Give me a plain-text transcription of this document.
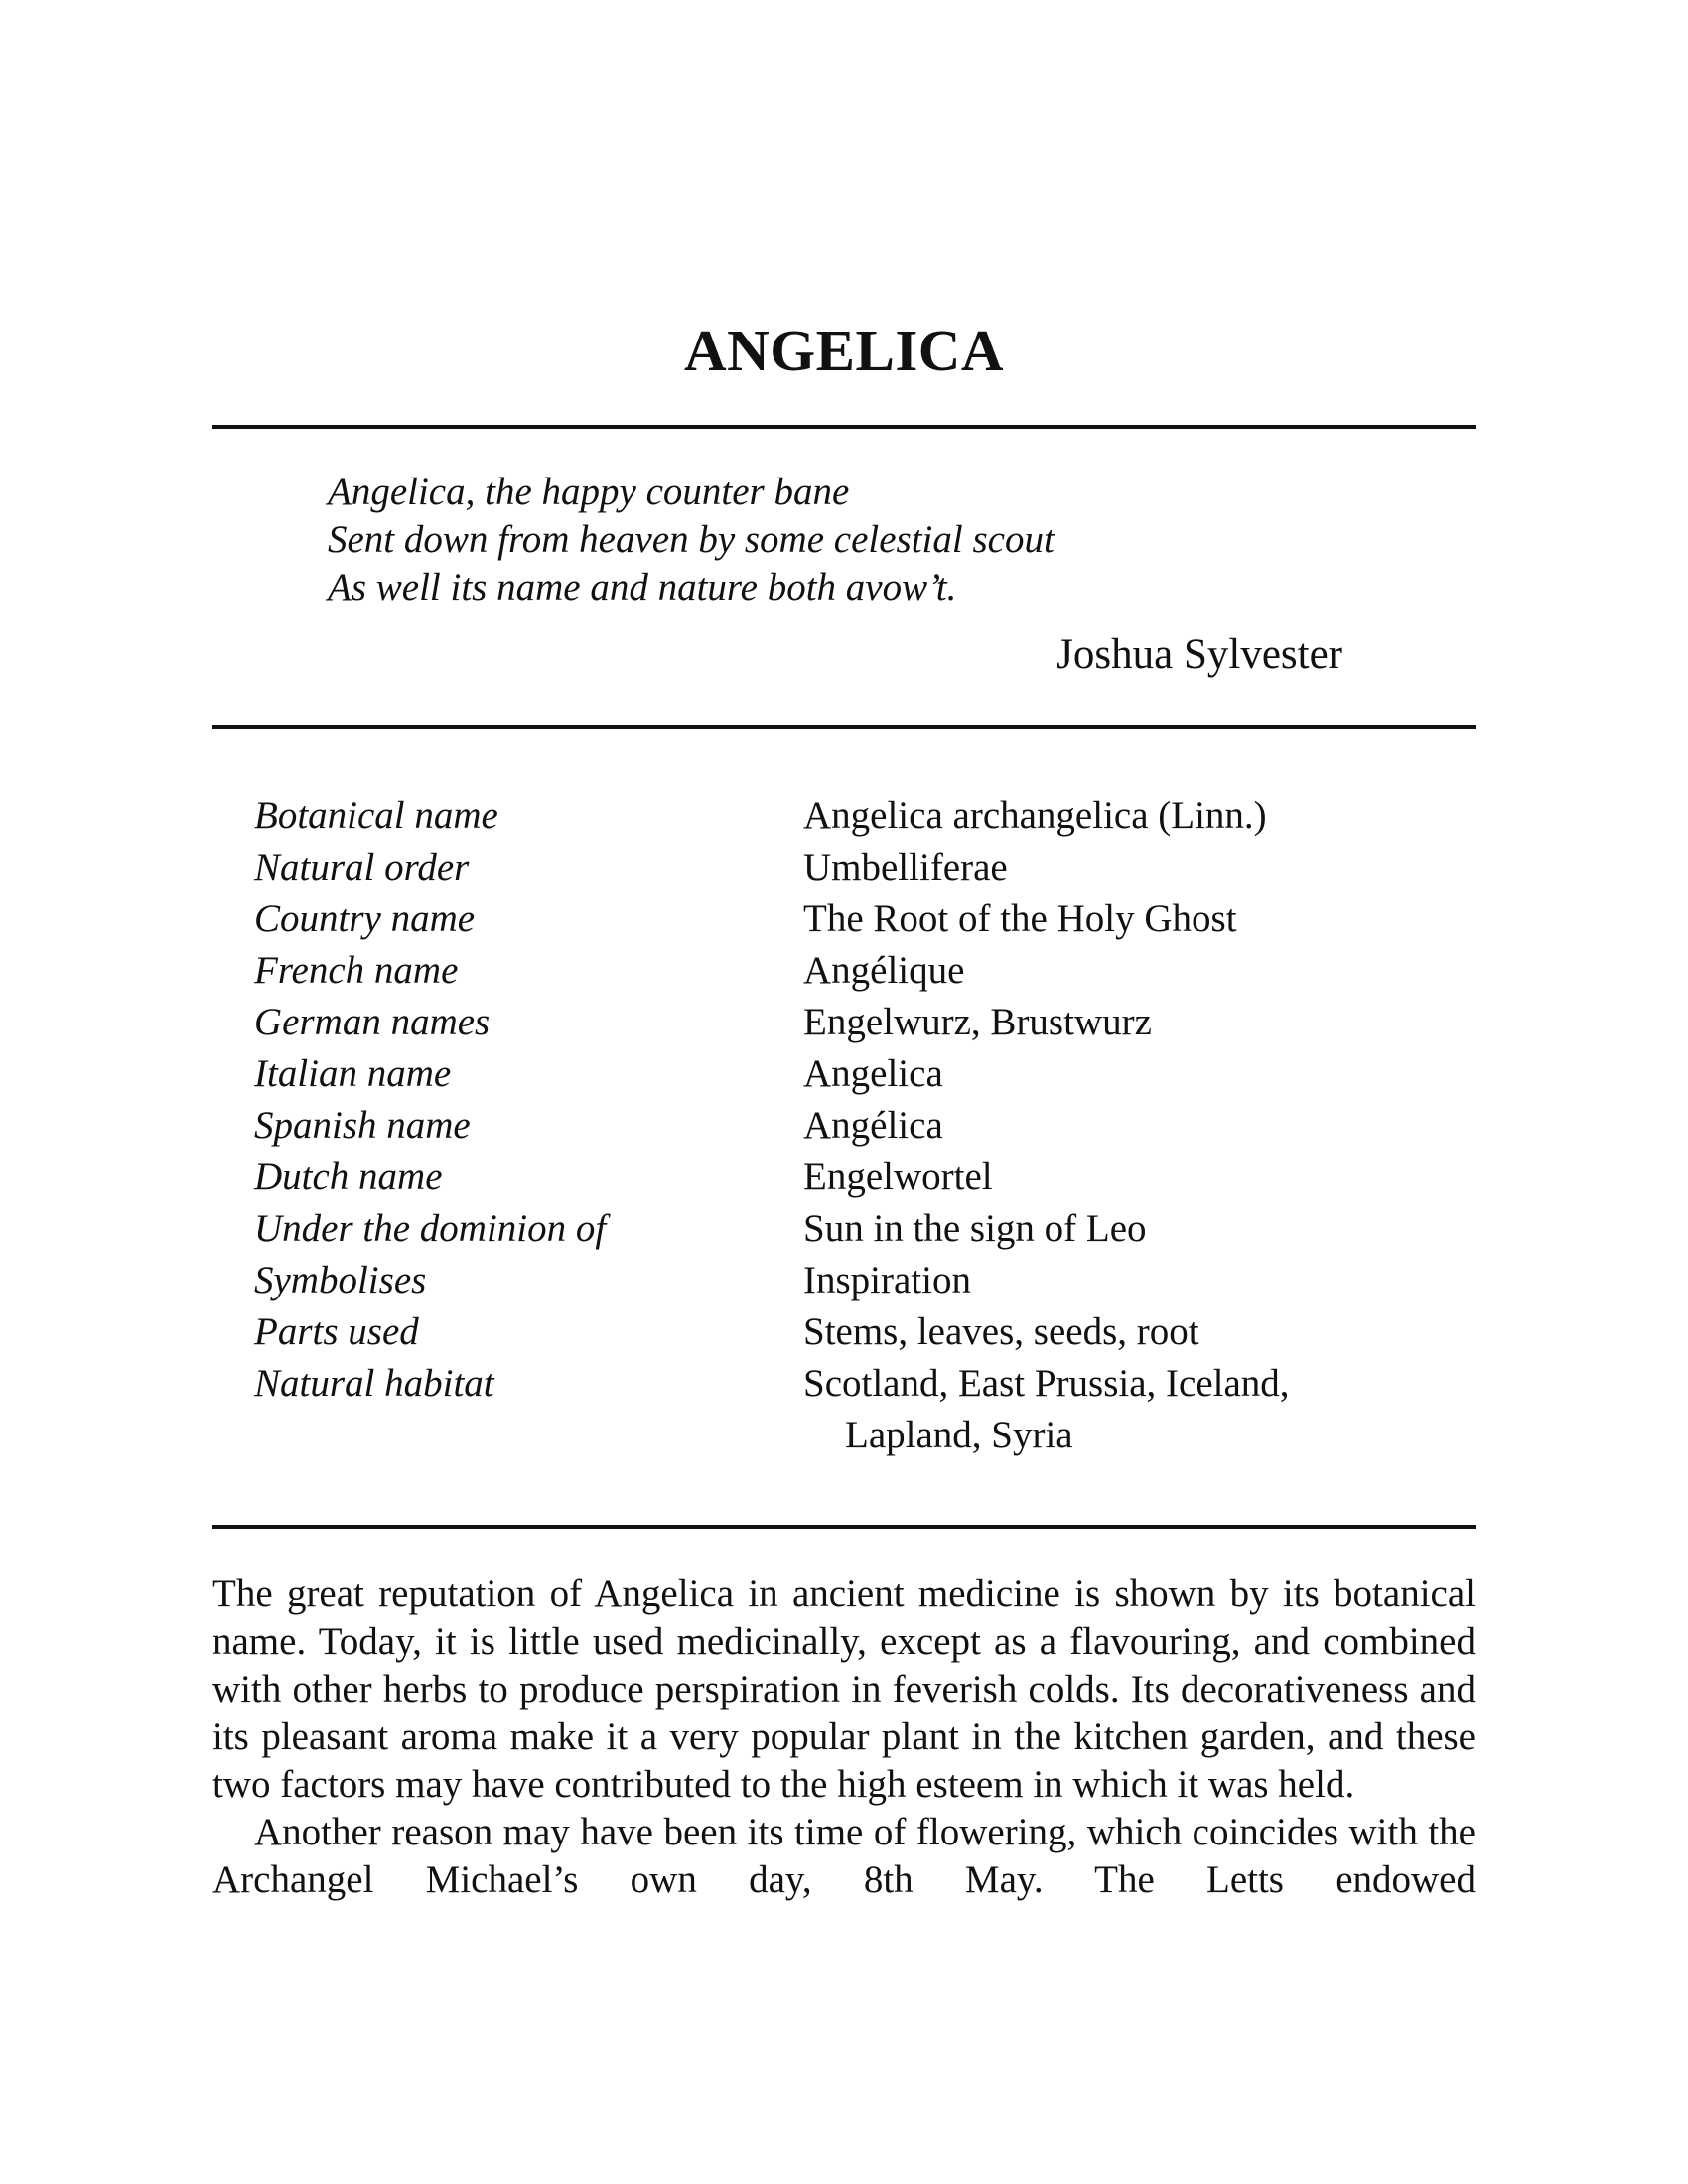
ANGELICA
Angelica, the happy counter bane
Sent down from heaven by some celestial scout
As well its name and nature both avow’t.
Joshua Sylvester
Botanical name	Angelica archangelica (Linn.)
Natural order	Umbelliferae
Country name	The Root of the Holy Ghost
French name	Angélique
German names	Engelwurz, Brustwurz
Italian name	Angelica
Spanish name	Angélica
Dutch name	Engelwortel
Under the dominion of	Sun in the sign of Leo
Symbolises	Inspiration
Parts used	Stems, leaves, seeds, root
Natural habitat	Scotland, East Prussia, Iceland,
Lapland, Syria

The great reputation of Angelica in ancient medicine is shown by its botanical name. Today, it is little used medicinally, except as a flavouring, and combined with other herbs to produce perspiration in feverish colds. Its decorativeness and its pleasant aroma make it a very popular plant in the kitchen garden, and these two factors may have contributed to the high esteem in which it was held.

Another reason may have been its time of flowering, which coincides with the Archangel Michael’s own day, 8th May. The Letts endowed
